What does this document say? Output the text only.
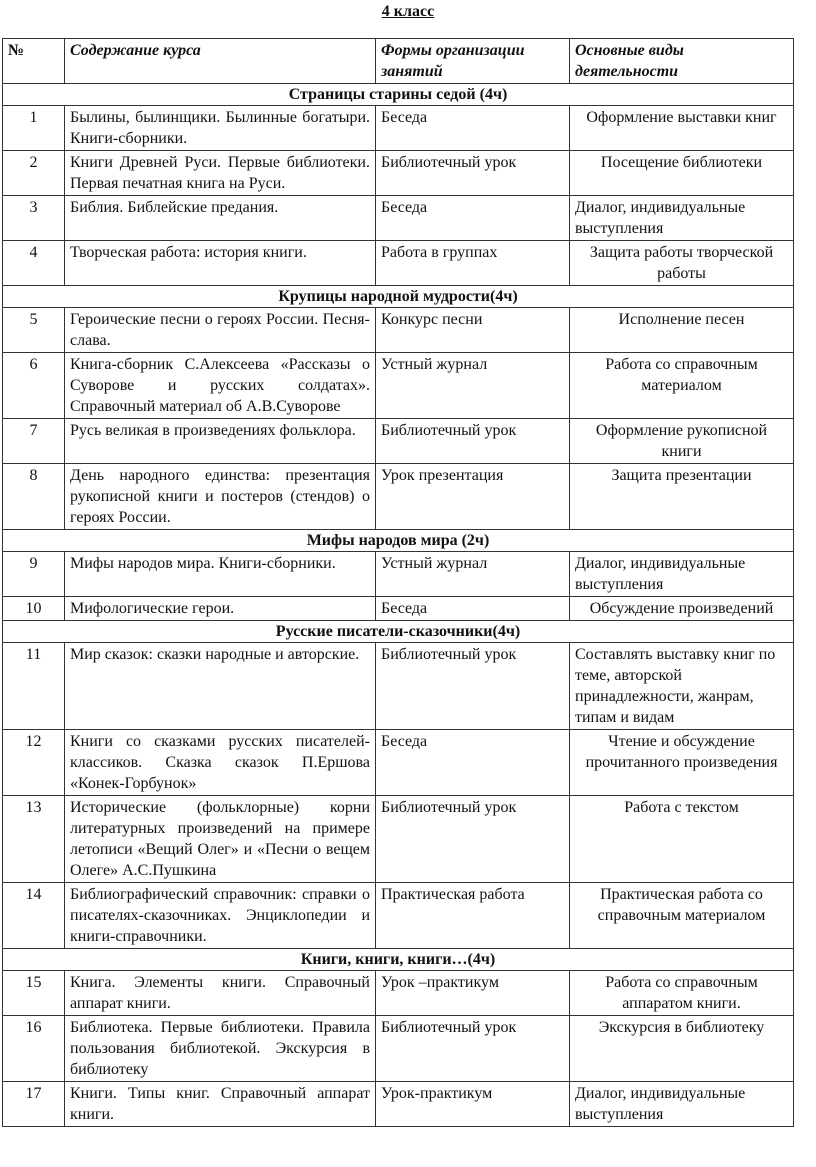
4 класс
№	Содержание курса	Формы организации занятий	Основные виды деятельности
Страницы старины седой (4ч)			
1	Былины, былинщики. Былинные богатыри. Книги-сборники.	Беседа	Оформление выставки книг
2	Книги Древней Руси. Первые библиотеки. Первая печатная книга на Руси.	Библиотечный урок	Посещение библиотеки
3	Библия. Библейские предания.	Беседа	Диалог, индивидуальные выступления
4	Творческая работа: история книги.	Работа в группах	Защита работы творческой работы
Крупицы народной мудрости(4ч)			
5	Героические песни о героях России. Песня-слава.	Конкурс песни	Исполнение песен
6	Книга-сборник С.Алексеева «Рассказы о Суворове и русских солдатах». Справочный материал об А.В.Суворове	Устный журнал	Работа со справочным материалом
7	Русь великая в произведениях фольклора.	Библиотечный урок	Оформление рукописной книги
8	День народного единства: презентация рукописной книги и постеров (стендов) о героях России.	Урок презентация	Защита презентации
Мифы народов мира (2ч)			
9	Мифы народов мира. Книги-сборники.	Устный журнал	Диалог, индивидуальные выступления
10	Мифологические герои.	Беседа	Обсуждение произведений
Русские писатели-сказочники(4ч)			
11	Мир сказок: сказки народные и авторские.	Библиотечный урок	Составлять выставку книг по теме, авторской принадлежности, жанрам, типам и видам
12	Книги со сказками русских писателей-классиков. Сказка сказок П.Ершова «Конек-Горбунок»	Беседа	Чтение и обсуждение прочитанного произведения
13	Исторические (фольклорные) корни литературных произведений на примере летописи «Вещий Олег» и «Песни о вещем Олеге» А.С.Пушкина	Библиотечный урок	Работа с текстом
14	Библиографический справочник: справки о писателях-сказочниках. Энциклопедии и книги-справочники.	Практическая работа	Практическая работа со справочным материалом
Книги, книги, книги…(4ч)			
15	Книга. Элементы книги. Справочный аппарат книги.	Урок –практикум	Работа со справочным аппаратом книги.
16	Библиотека. Первые библиотеки. Правила пользования библиотекой. Экскурсия в библиотеку	Библиотечный урок	Экскурсия в библиотеку
17	Книги. Типы книг. Справочный аппарат книги.	Урок-практикум	Диалог, индивидуальные выступления
